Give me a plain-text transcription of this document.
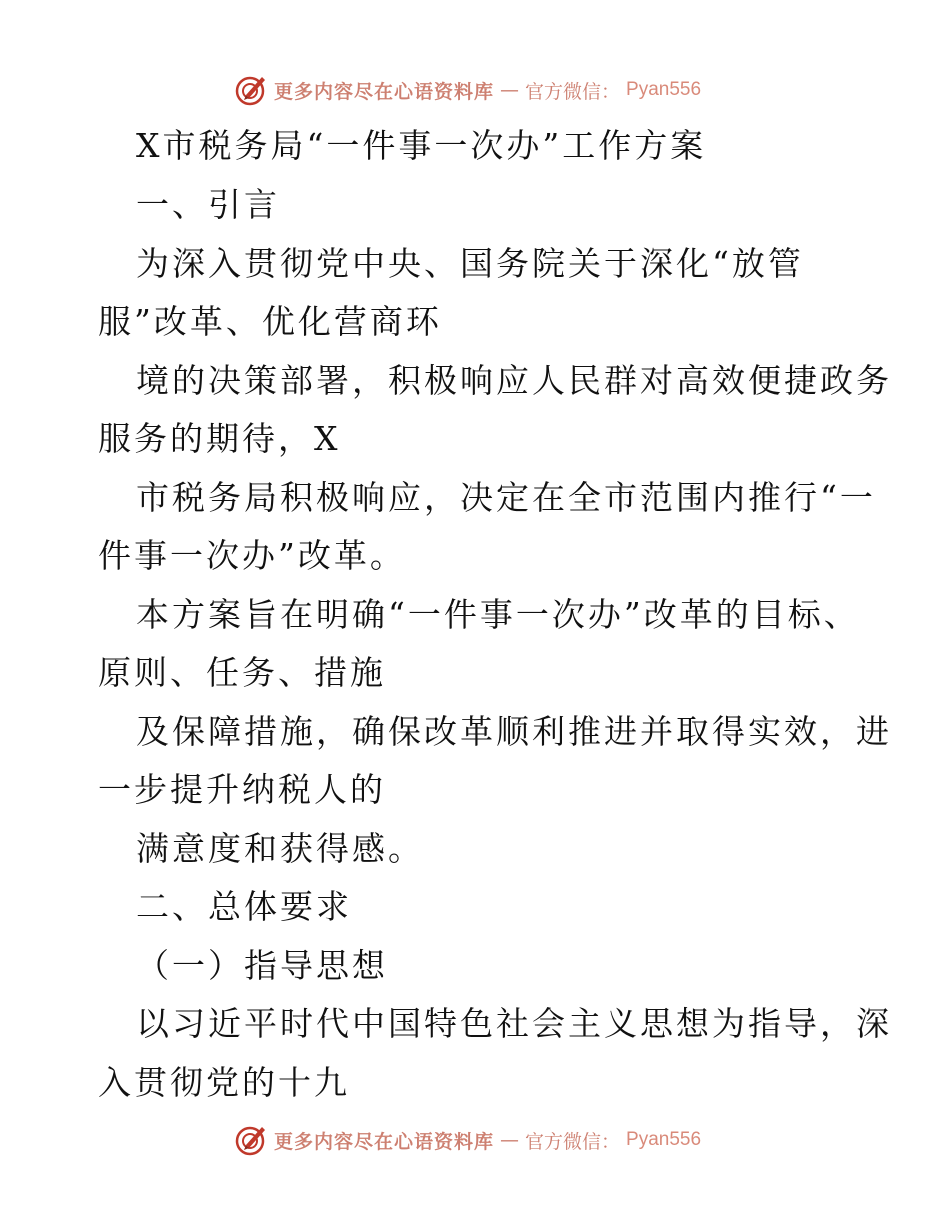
更多内容尽在心语资料库 — 官方微信： Pyan556
X市税务局“一件事一次办”工作方案
一、引言
为深入贯彻党中央、国务院关于深化“放管
服”改革、优化营商环
境的决策部署，积极响应人民群对高效便捷政务
服务的期待，X
市税务局积极响应，决定在全市范围内推行“一
件事一次办”改革。
本方案旨在明确“一件事一次办”改革的目标、
原则、任务、措施
及保障措施，确保改革顺利推进并取得实效，进
一步提升纳税人的
满意度和获得感。
二、总体要求
（一）指导思想
以习近平时代中国特色社会主义思想为指导，深
入贯彻党的十九
更多内容尽在心语资料库 — 官方微信： Pyan556
